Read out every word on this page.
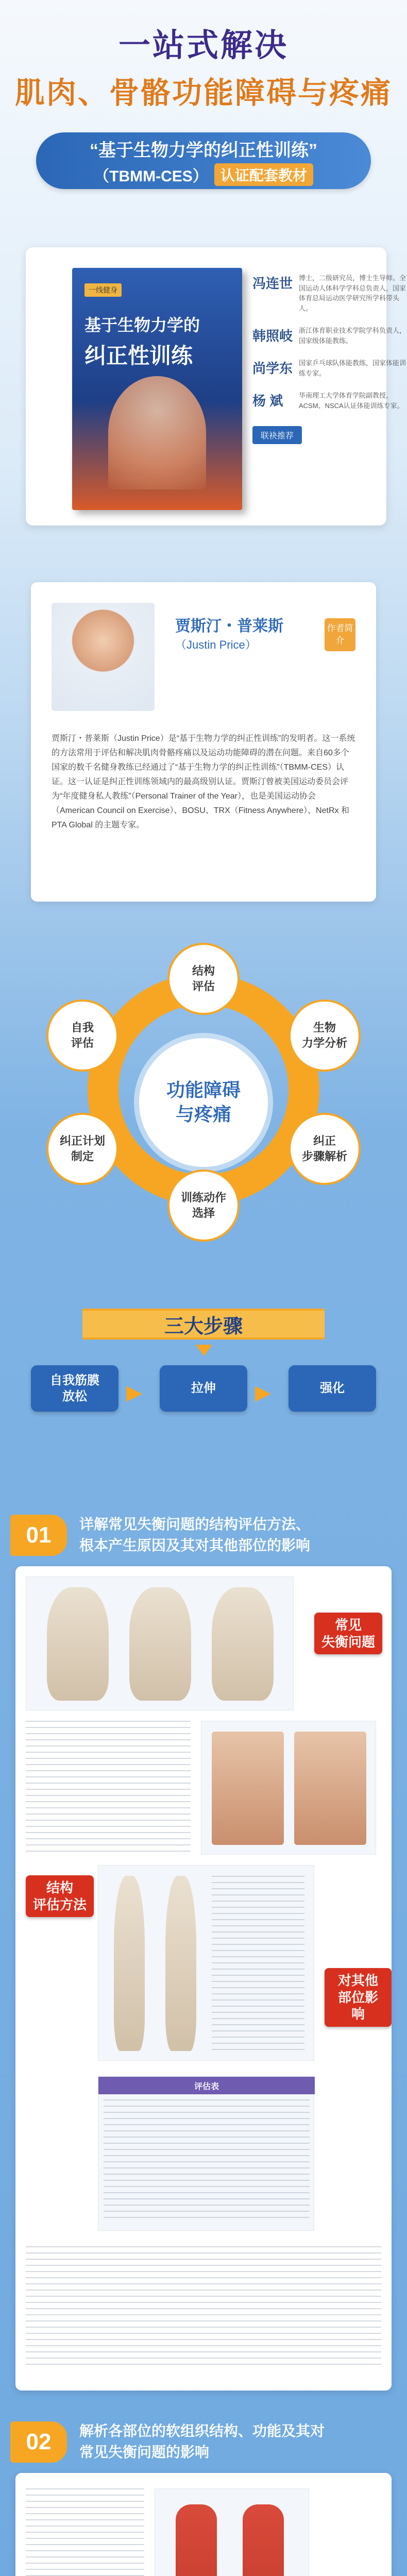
一站式解决
肌肉、骨骼功能障碍与疼痛
“基于生物力学的纠正性训练”
（TBMM-CES） 认证配套教材
一线健身
基于生物力学的
纠正性训练
冯连世 博士，二级研究员，博士生导师。全国运动人体科学学科总负责人，国家体育总局运动医学研究所学科带头人。
韩照岐 浙江体育职业技术学院学科负责人，国家级体能教练。
尚学东 国家乒乓球队体能教练，国家体能训练专家。
杨 斌	华南理工大学体育学院副教授，ACSM、NSCA认证体能训练专家。
联袂推荐
贾斯汀・普莱斯
（Justin Price）
作者简介
贾斯汀・普莱斯（Justin Price）是“基于生物力学的纠正性训练”的发明者。这一系统的方法常用于评估和解决肌肉骨骼疼痛以及运动功能障碍的潜在问题。来自60多个国家的数千名健身教练已经通过了“基于生物力学的纠正性训练”（TBMM-CES）认证。这一认证是纠正性训练领域内的最高级别认证。贾斯汀曾被美国运动委员会评为“年度健身私人教练”（Personal Trainer of the Year），也是美国运动协会（American Council on Exercise）、BOSU、TRX（Fitness Anywhere）、NetRx 和 PTA Global 的主题专家。
功能障碍
与疼痛
结构
评估
生物
力学分析
纠正
步骤解析
训练动作
选择
纠正计划
制定
自我
评估
三大步骤
自我筋膜
放松	▶	拉伸	▶	强化
01	详解常见失衡问题的结构评估方法、
根本产生原因及其对其他部位的影响
常见
失衡问题
结构
评估方法
对其他
部位影响
评估表
02	解析各部位的软组织结构、功能及其对
常见失衡问题的影响
